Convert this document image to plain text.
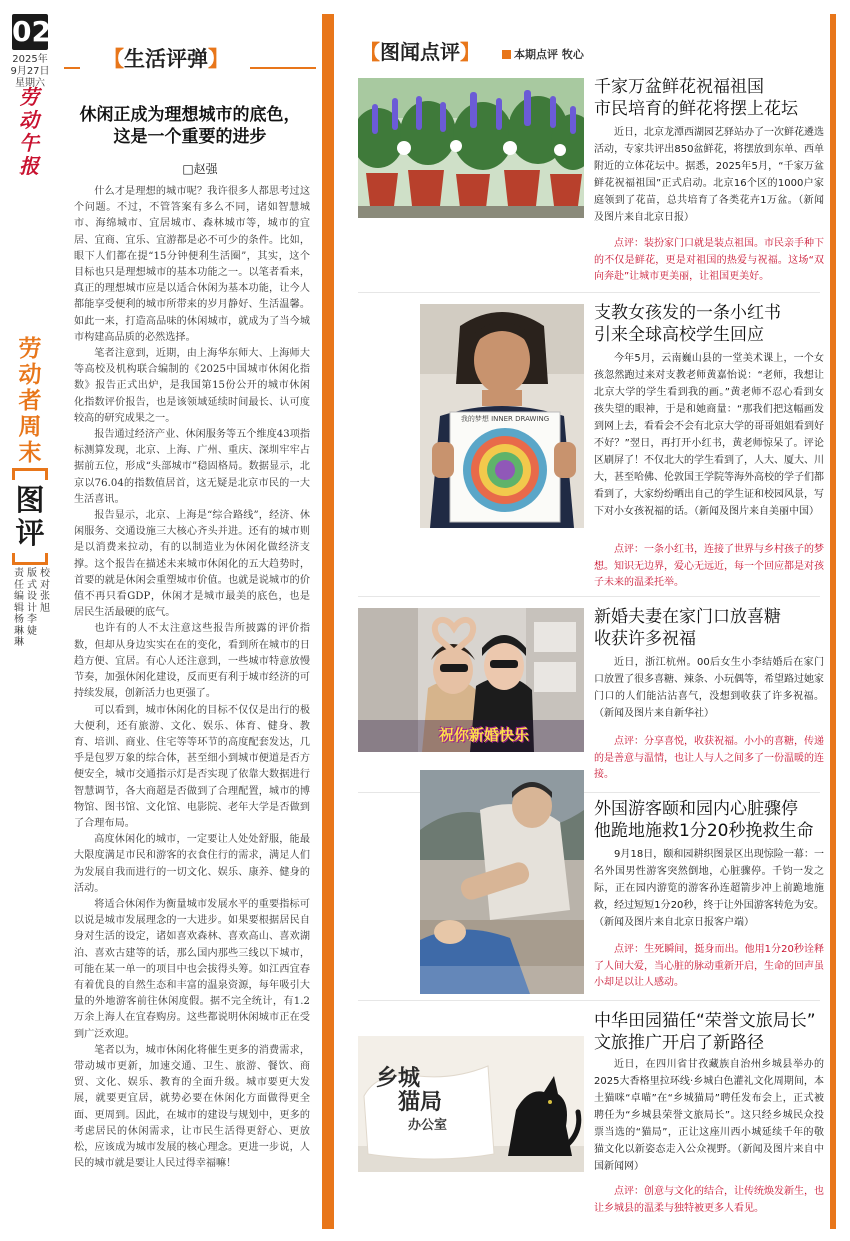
02
2025年
9月27日
星期六
劳动午报
劳动者周末
图评
校对 张旭
版式设计 李婕
责任编辑 杨琳琳
【生活评弹】
休闲正成为理想城市的底色，
这是一个重要的进步
□赵强

什么才是理想的城市呢？我许很多人都思考过这个问题。不过，不管答案有多么不同，诸如智慧城市、海绵城市、宜居城市、森林城市等，城市的宜居、宜商、宜乐、宜游都是必不可少的条件。比如，眼下人们都在提“15分钟便利生活圈”，其实，这个目标也只是理想城市的基本功能之一。以笔者看来，真正的理想城市应是以适合休闲为基本功能，让今人都能享受便利的城市所带来的岁月静好、生活温馨。如此一来，打造高品味的休闲城市，就成为了当今城市构建高品质的必然选择。

笔者注意到，近期，由上海华东师大、上海师大等高校及机构联合编制的《2025中国城市休闲化指数》报告正式出炉，是我国第15份公开的城市休闲化指数评价报告，也是该领域延续时间最长、认可度较高的研究成果之一。

报告通过经济产业、休闲服务等五个维度43项指标测算发现，北京、上海、广州、重庆、深圳牢牢占据前五位，形成“头部城市”稳固格局。数据显示，北京以76.04的指数值居首，这无疑是北京市民的一大生活喜讯。

报告显示，北京、上海是“综合路线”，经济、休闲服务、交通设施三大核心齐头并进。还有的城市则是以消费来拉动，有的以制造业为休闲化做经济支撑。这个报告在描述未来城市休闲化的五大趋势时，首要的就是休闲会重塑城市价值。也就是说城市的价值不再只看GDP，休闲才是城市最美的底色，也是居民生活最硬的底气。

也许有的人不太注意这些报告所披露的评价指数，但却从身边实实在在的变化，看到所在城市的日趋方便、宜居。有心人还注意到，一些城市特意放慢节奏，加强休闲化建设，反而更有利于城市经济的可持续发展，创新活力也更强了。

可以看到，城市休闲化的目标不仅仅是出行的极大便利，还有旅游、文化、娱乐、体育、健身、教育、培训、商业、住宅等等环节的高度配套发达，几乎是包罗万象的综合体，甚至细小到城市便道是否方便安全，城市交通指示灯是否实现了依靠大数据进行智慧调节，各大商超是否做到了合理配置，城市的博物馆、图书馆、文化馆、电影院、老年大学是否做到了合理布局。

高度休闲化的城市，一定要让人处处舒服，能最大限度满足市民和游客的衣食住行的需求，满足人们为发展自我而进行的一切文化、娱乐、康养、健身的活动。

将适合休闲作为衡量城市发展水平的重要指标可以说是城市发展理念的一大进步。如果要根据居民自身对生活的设定，诸如喜欢森林、喜欢高山、喜欢湖泊、喜欢古建等的话，那么国内那些三线以下城市，可能在某一单一的项目中也会拔得头筹。如江西宜春有着优良的自然生态和丰富的温泉资源，每年吸引大量的外地游客前往休闲度假。据不完全统计，有1.2万余上海人在宜春购房。这些都说明休闲城市正在受到广泛欢迎。

笔者以为，城市休闲化将催生更多的消费需求，带动城市更新，加速交通、卫生、旅游、餐饮、商贸、文化、娱乐、教育的全面升级。城市要更大发展，就要更宜居，就势必要在休闲化方面做得更全面、更周到。因此，在城市的建设与规划中，更多的考虑居民的休闲需求，让市民生活得更舒心、更放松，应该成为城市发展的核心理念。更进一步说，人民的城市就是要让人民过得幸福嘛！

【图闻点评】	本期点评 牧心
千家万盆鲜花祝福祖国
市民培育的鲜花将摆上花坛

近日，北京龙潭西湖园艺驿站办了一次鲜花遴选活动，专家共评出850盆鲜花，将摆放到东单、西单附近的立体花坛中。据悉，2025年5月，“千家万盆鲜花祝福祖国”正式启动。北京16个区的1000户家庭领到了花苗，总共培育了各类花卉1万盆。（新闻及图片来自北京日报）

点评：装扮家门口就是装点祖国。市民亲手种下的不仅是鲜花，更是对祖国的热爱与祝福。这场“双向奔赴”让城市更美丽，让祖国更美好。

我的梦想 INNER DRAWING
支教女孩发的一条小红书
引来全球高校学生回应

今年5月，云南巍山县的一堂美术课上，一个女孩忽然跑过来对支教老师黄嘉怡说：“老师，我想让北京大学的学生看到我的画。”黄老师不忍心看到女孩失望的眼神，于是和她商量：“那我们把这幅画发到网上去，看看会不会有北京大学的哥哥姐姐看到好不好？”翌日，再打开小红书，黄老师惊呆了。评论区刷屏了！不仅北大的学生看到了，人大、厦大、川大，甚至哈佛、伦敦国王学院等海外高校的学子们都看到了，大家纷纷晒出自己的学生证和校园风景，写下对小女孩祝福的话。（新闻及图片来自美丽中国）

点评：一条小红书，连接了世界与乡村孩子的梦想。知识无边界，爱心无远近，每一个回应都是对孩子未来的温柔托举。

祝你新婚快乐
新婚夫妻在家门口放喜糖
收获许多祝福

近日，浙江杭州。00后女生小李结婚后在家门口放置了很多喜糖、辣条、小玩偶等，希望路过她家门口的人们能沾沾喜气，没想到收获了许多祝福。（新闻及图片来自新华社）

点评：分享喜悦，收获祝福。小小的喜糖，传递的是善意与温情，也让人与人之间多了一份温暖的连接。

外国游客颐和园内心脏骤停
他跪地施救1分20秒挽救生命

9月18日，颐和园耕织图景区出现惊险一幕：一名外国男性游客突然倒地，心脏骤停。千钧一发之际，正在园内游览的游客孙连超箭步冲上前跪地施救，经过短短1分20秒，终于让外国游客转危为安。（新闻及图片来自北京日报客户端）

点评：生死瞬间，挺身而出。他用1分20秒诠释了人间大爱，当心脏的脉动重新开启，生命的回声虽小却足以让人感动。

乡城
猫局
办公室
中华田园猫任“荣誉文旅局长”
文旅推广开启了新路径

近日，在四川省甘孜藏族自治州乡城县举办的2025大香格里拉环线·乡城白色灌礼文化周期间，本土猫咪“卓喵”在“乡城猫局”聘任发布会上，正式被聘任为“乡城县荣誉文旅局长”。这只经乡城民众投票当选的“猫局”，正让这座川西小城延续千年的敬猫文化以新姿态走入公众视野。（新闻及图片来自中国新闻网）

点评：创意与文化的结合，让传统焕发新生，也让乡城县的温柔与独特被更多人看见。
